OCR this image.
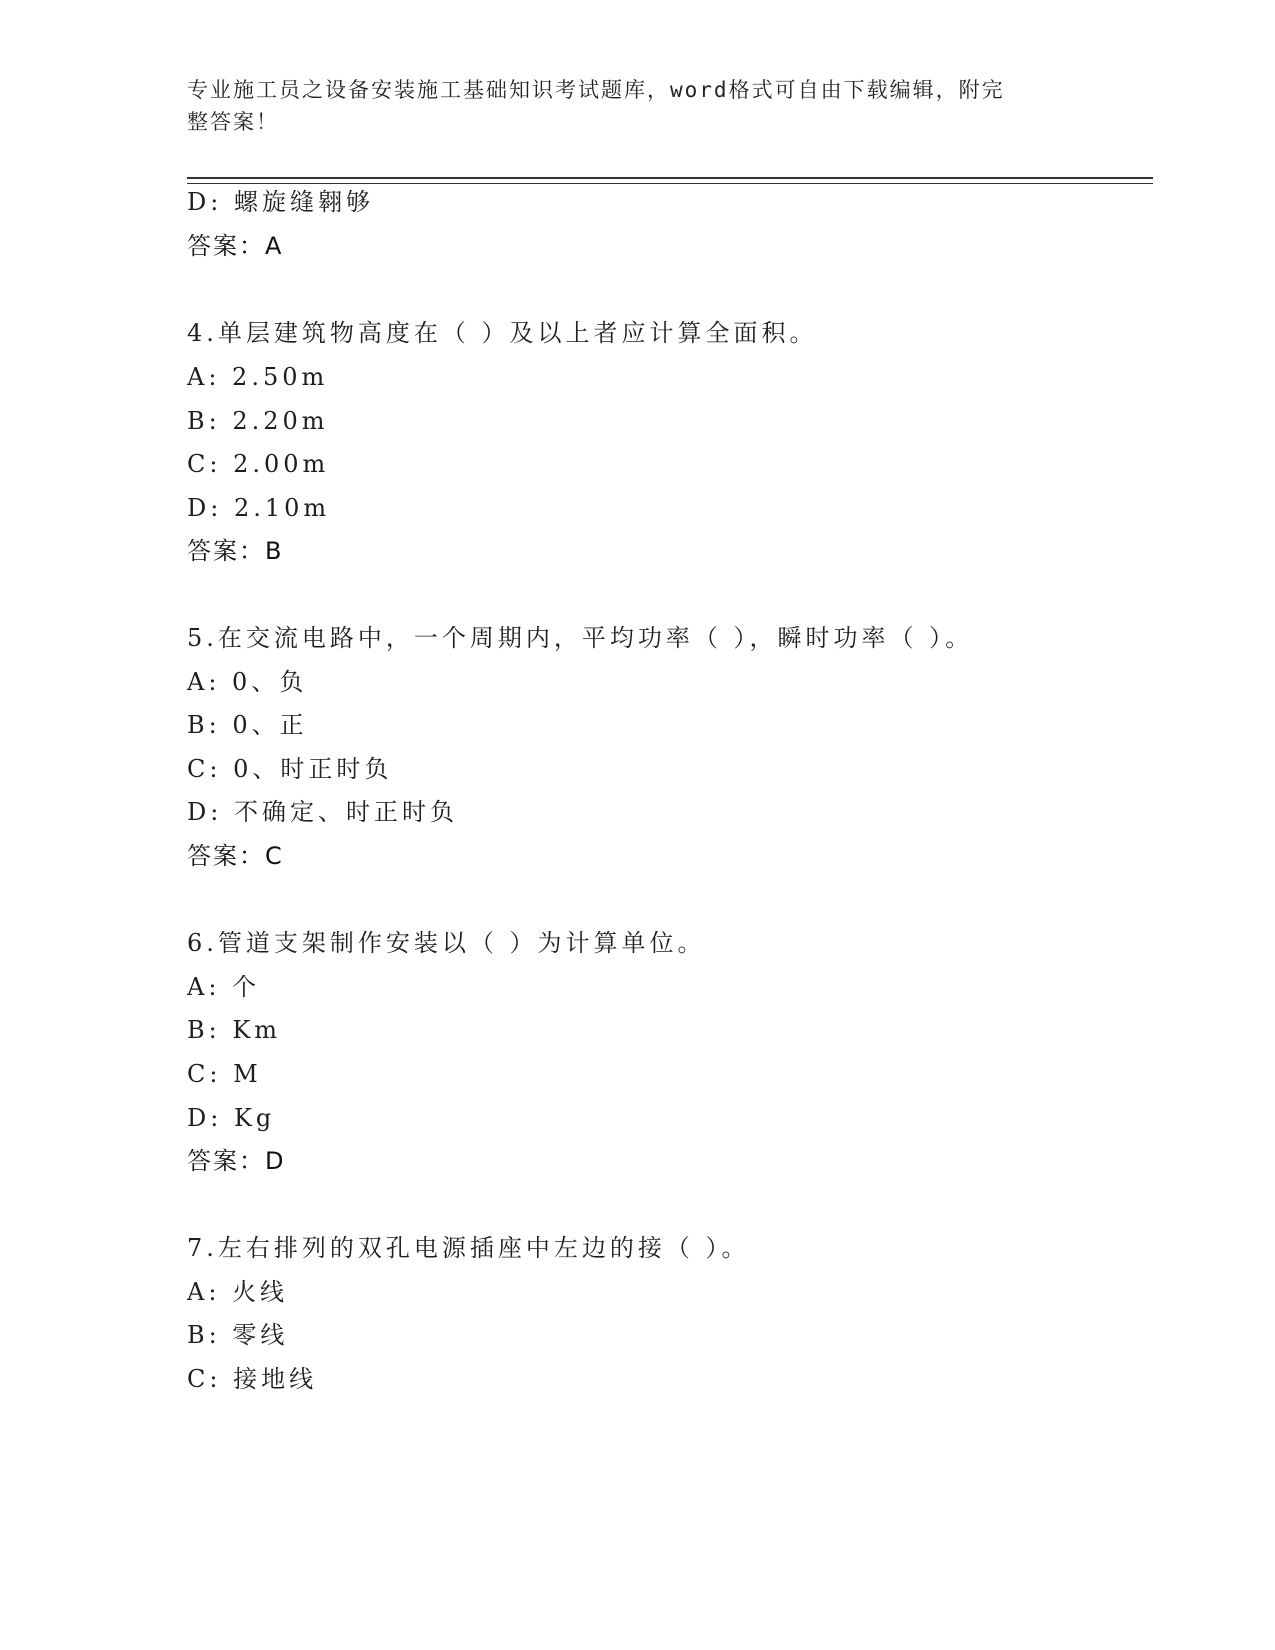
专业施工员之设备安装施工基础知识考试题库，word格式可自由下载编辑，附完
整答案！
D: 螺旋缝翱够
答案：A
4.单层建筑物高度在（ ）及以上者应计算全面积。
A: 2.50m
B: 2.20m
C: 2.00m
D: 2.10m
答案：B
5.在交流电路中，一个周期内，平均功率（ ），瞬时功率（ ）。
A: 0、负
B: 0、正
C: 0、时正时负
D: 不确定、时正时负
答案：C
6.管道支架制作安装以（ ）为计算单位。
A: 个
B: Km
C: M
D: Kg
答案：D
7.左右排列的双孔电源插座中左边的接（ ）。
A: 火线
B: 零线
C: 接地线
